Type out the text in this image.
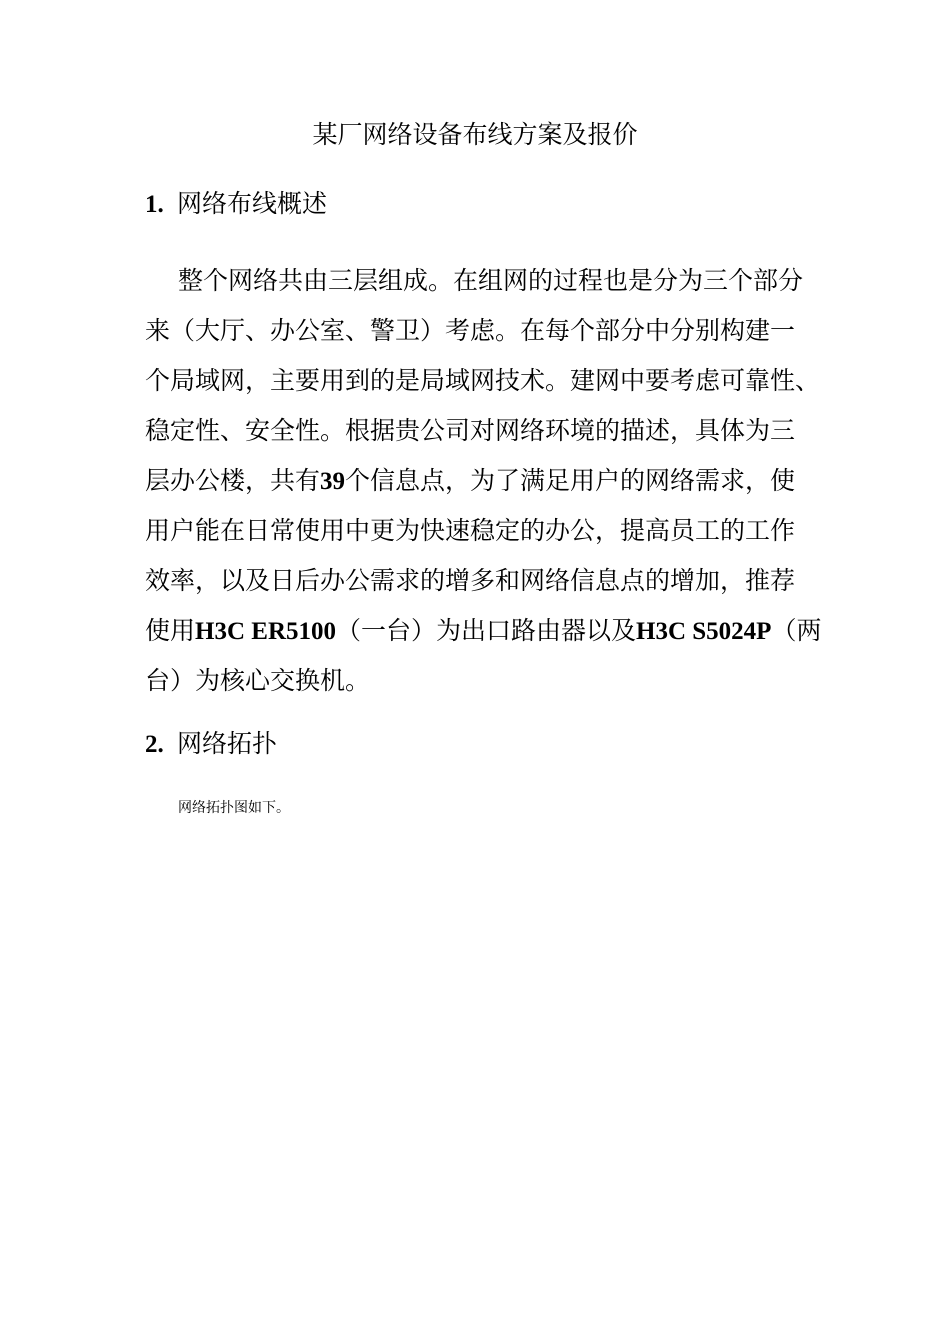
某厂网络设备布线方案及报价
1. 网络布线概述
整个网络共由三层组成。在组网的过程也是分为三个部分
来（大厅、办公室、警卫）考虑。在每个部分中分别构建一
个局域网，主要用到的是局域网技术。建网中要考虑可靠性、
稳定性、安全性。根据贵公司对网络环境的描述，具体为三
层办公楼，共有39个信息点，为了满足用户的网络需求，使
用户能在日常使用中更为快速稳定的办公，提高员工的工作
效率，以及日后办公需求的增多和网络信息点的增加，推荐
使用H3C ER5100（一台）为出口路由器以及H3C S5024P（两
台）为核心交换机。
2. 网络拓扑
网络拓扑图如下。
